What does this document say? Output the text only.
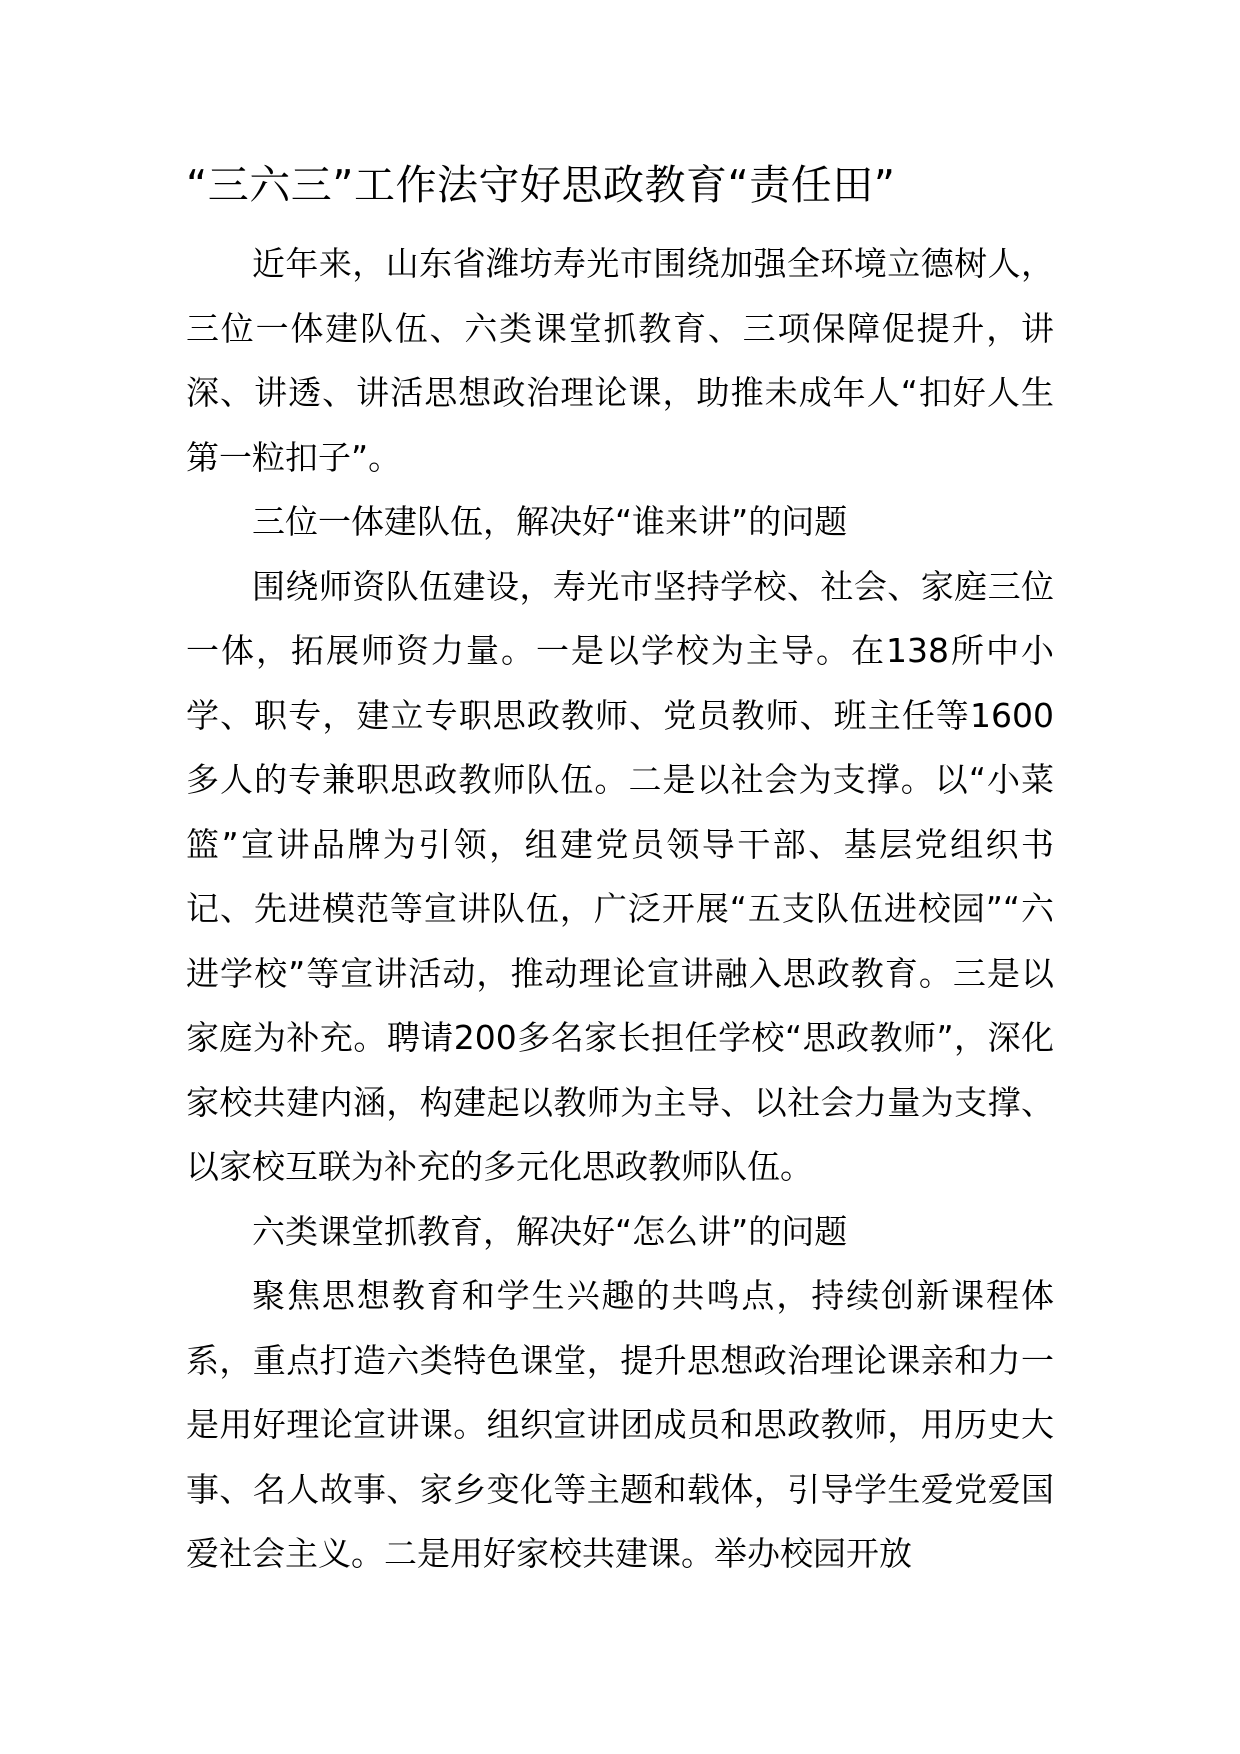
“三六三”工作法守好思政教育“责任田”

近年来，山东省潍坊寿光市围绕加强全环境立德树人，三位一体建队伍、六类课堂抓教育、三项保障促提升，讲深、讲透、讲活思想政治理论课，助推未成年人“扣好人生第一粒扣子”。

三位一体建队伍，解决好“谁来讲”的问题

围绕师资队伍建设，寿光市坚持学校、社会、家庭三位一体，拓展师资力量。一是以学校为主导。在138所中小学、职专，建立专职思政教师、党员教师、班主任等1600多人的专兼职思政教师队伍。二是以社会为支撑。以“小菜篮”宣讲品牌为引领，组建党员领导干部、基层党组织书记、先进模范等宣讲队伍，广泛开展“五支队伍进校园”“六进学校”等宣讲活动，推动理论宣讲融入思政教育。三是以家庭为补充。聘请200多名家长担任学校“思政教师”，深化家校共建内涵，构建起以教师为主导、以社会力量为支撑、以家校互联为补充的多元化思政教师队伍。

六类课堂抓教育，解决好“怎么讲”的问题

聚焦思想教育和学生兴趣的共鸣点，持续创新课程体系，重点打造六类特色课堂，提升思想政治理论课亲和力一是用好理论宣讲课。组织宣讲团成员和思政教师，用历史大事、名人故事、家乡变化等主题和载体，引导学生爱党爱国爱社会主义。二是用好家校共建课。举办校园开放
